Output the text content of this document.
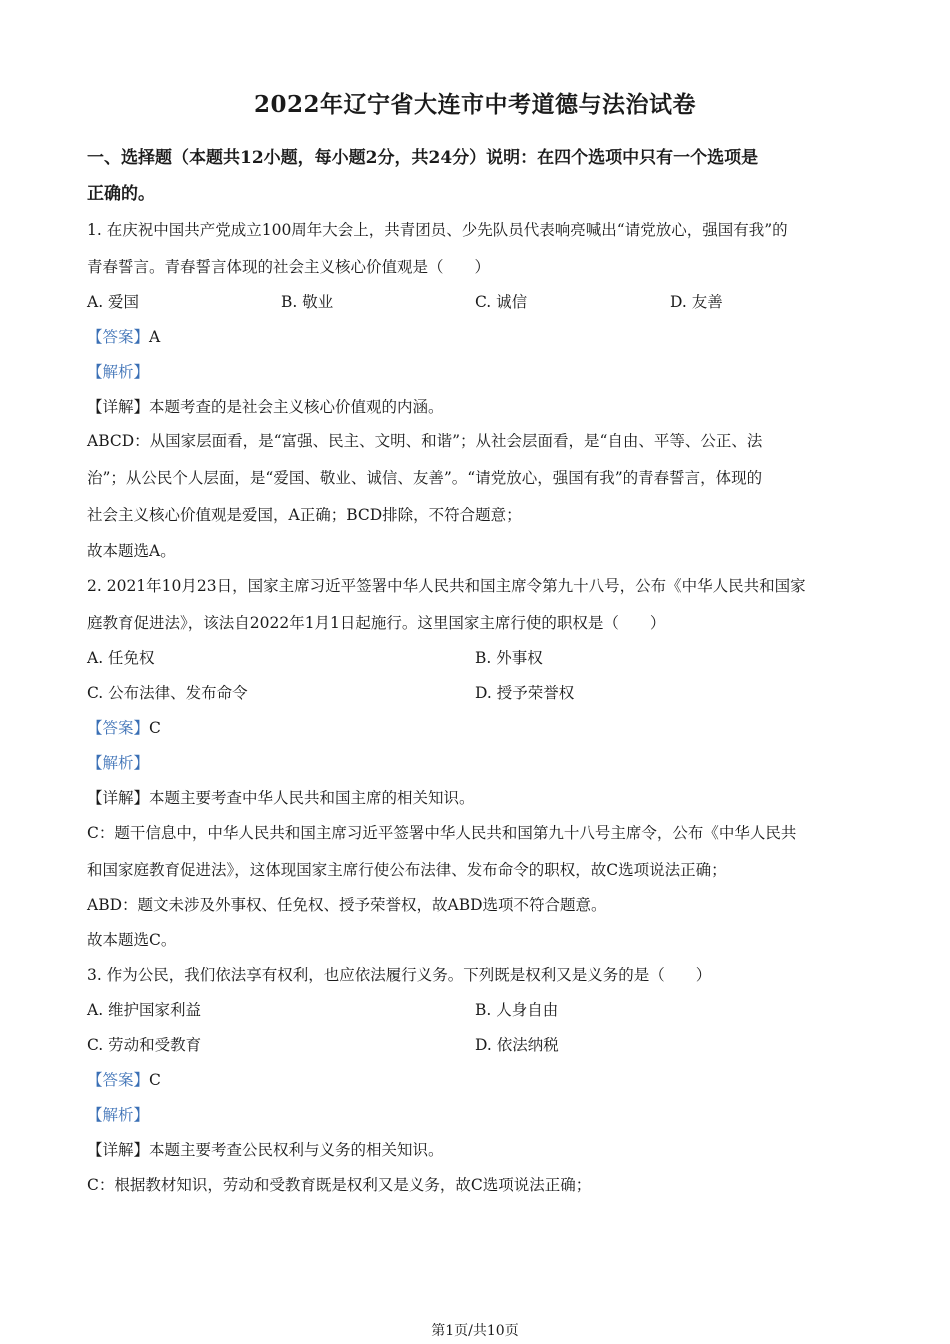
2022年辽宁省大连市中考道德与法治试卷
一、选择题（本题共12小题，每小题2分，共24分）说明：在四个选项中只有一个选项是
正确的。
1. 在庆祝中国共产党成立100周年大会上，共青团员、少先队员代表响亮喊出“请党放心，强国有我”的
青春誓言。青春誓言体现的社会主义核心价值观是（　　）
A. 爱国	B. 敬业	C. 诚信	D. 友善
【答案】A
【解析】
【详解】本题考查的是社会主义核心价值观的内涵。
ABCD：从国家层面看，是“富强、民主、文明、和谐”；从社会层面看，是“自由、平等、公正、法
治”；从公民个人层面，是“爱国、敬业、诚信、友善”。“请党放心，强国有我”的青春誓言，体现的
社会主义核心价值观是爱国，A正确；BCD排除，不符合题意；
故本题选A。
2. 2021年10月23日，国家主席习近平签署中华人民共和国主席令第九十八号，公布《中华人民共和国家
庭教育促进法》，该法自2022年1月1日起施行。这里国家主席行使的职权是（　　）
A. 任免权	B. 外事权
C. 公布法律、发布命令	D. 授予荣誉权
【答案】C
【解析】
【详解】本题主要考查中华人民共和国主席的相关知识。
C：题干信息中，中华人民共和国主席习近平签署中华人民共和国第九十八号主席令，公布《中华人民共
和国家庭教育促进法》，这体现国家主席行使公布法律、发布命令的职权，故C选项说法正确；
ABD：题文未涉及外事权、任免权、授予荣誉权，故ABD选项不符合题意。
故本题选C。
3. 作为公民，我们依法享有权利，也应依法履行义务。下列既是权利又是义务的是（　　）
A. 维护国家利益	B. 人身自由
C. 劳动和受教育	D. 依法纳税
【答案】C
【解析】
【详解】本题主要考查公民权利与义务的相关知识。
C：根据教材知识，劳动和受教育既是权利又是义务，故C选项说法正确；
第1页/共10页
